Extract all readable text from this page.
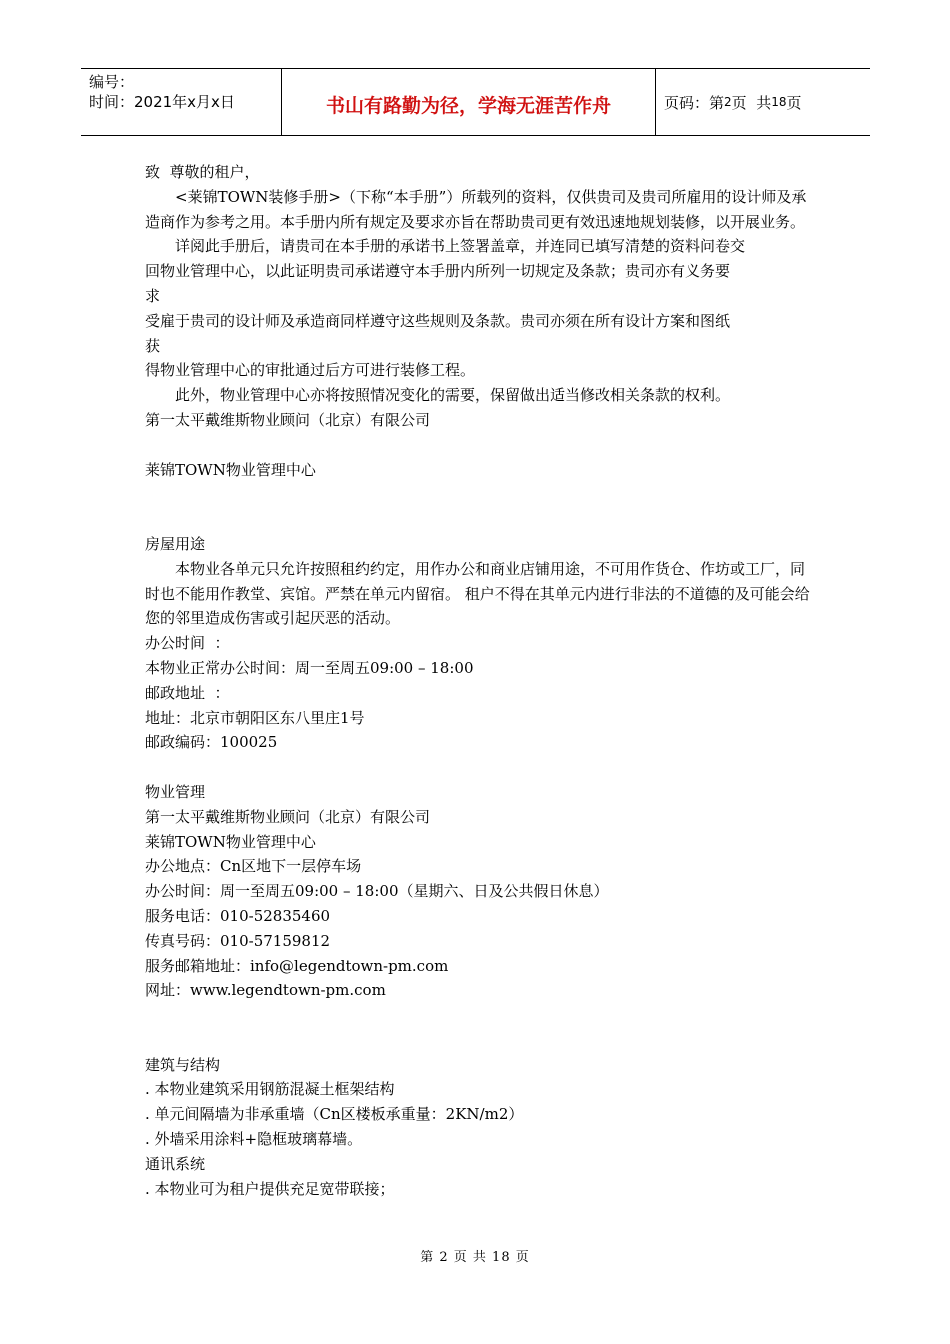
编号：
时间：2021年x月x日	书山有路勤为径，学海无涯苦作舟	页码：第 2 页  共 18 页

致  尊敬的租户，

<莱锦TOWN装修手册>（下称“本手册”）所载列的资料，仅供贵司及贵司所雇用的设计师及承造商作为参考之用。本手册内所有规定及要求亦旨在帮助贵司更有效迅速地规划装修，以开展业务。

详阅此手册后，请贵司在本手册的承诺书上签署盖章，并连同已填写清楚的资料问卷交

回物业管理中心，以此证明贵司承诺遵守本手册内所列一切规定及条款；贵司亦有义务要

求

受雇于贵司的设计师及承造商同样遵守这些规则及条款。贵司亦须在所有设计方案和图纸

获

得物业管理中心的审批通过后方可进行装修工程。

此外，物业管理中心亦将按照情况变化的需要，保留做出适当修改相关条款的权利。

第一太平戴维斯物业顾问（北京）有限公司

莱锦TOWN物业管理中心

房屋用途

本物业各单元只允许按照租约约定，用作办公和商业店铺用途，不可用作货仓、作坊或工厂，同时也不能用作教堂、宾馆。严禁在单元内留宿。 租户不得在其单元内进行非法的不道德的及可能会给您的邻里造成伤害或引起厌恶的活动。

办公时间  ：

本物业正常办公时间：周一至周五09:00 – 18:00

邮政地址  ：

地址：北京市朝阳区东八里庄1号

邮政编码：100025

物业管理

第一太平戴维斯物业顾问（北京）有限公司

莱锦TOWN物业管理中心

办公地点：Cn区地下一层停车场

办公时间：周一至周五09:00 – 18:00（星期六、日及公共假日休息）

服务电话：010-52835460

传真号码：010-57159812

服务邮箱地址：info@legendtown-pm.com

网址：www.legendtown-pm.com

建筑与结构

. 本物业建筑采用钢筋混凝土框架结构

. 单元间隔墙为非承重墙（Cn区楼板承重量：2KN/m2）

. 外墙采用涂料+隐框玻璃幕墙。

通讯系统

. 本物业可为租户提供充足宽带联接；

第 2 页 共 18 页
